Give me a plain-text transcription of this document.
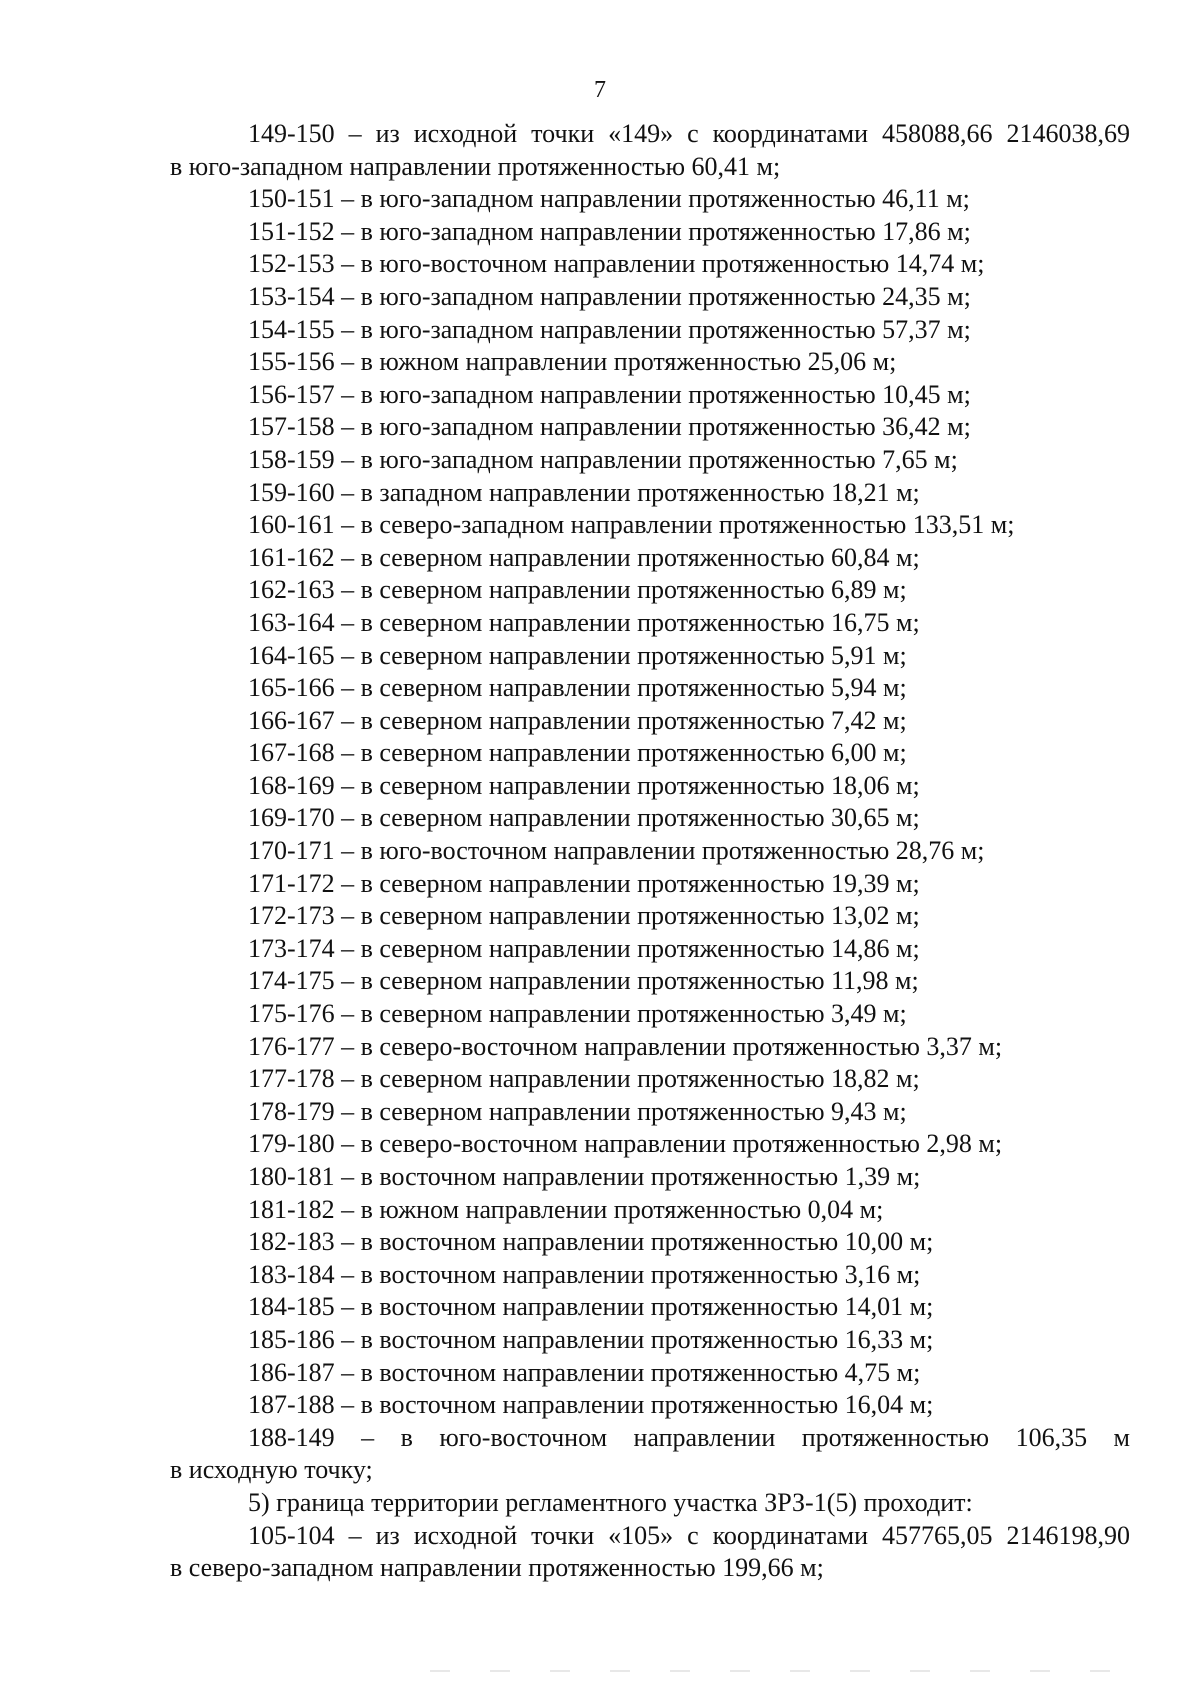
7
149-150 – из исходной точки «149» с координатами 458088,66 2146038,69
в юго-западном направлении протяженностью 60,41 м;
150-151 – в юго-западном направлении протяженностью 46,11 м;
151-152 – в юго-западном направлении протяженностью 17,86 м;
152-153 – в юго-восточном направлении протяженностью 14,74 м;
153-154 – в юго-западном направлении протяженностью 24,35 м;
154-155 – в юго-западном направлении протяженностью 57,37 м;
155-156 – в южном направлении протяженностью 25,06 м;
156-157 – в юго-западном направлении протяженностью 10,45 м;
157-158 – в юго-западном направлении протяженностью 36,42 м;
158-159 – в юго-западном направлении протяженностью 7,65 м;
159-160 – в западном направлении протяженностью 18,21 м;
160-161 – в северо-западном направлении протяженностью 133,51 м;
161-162 – в северном направлении протяженностью 60,84 м;
162-163 – в северном направлении протяженностью 6,89 м;
163-164 – в северном направлении протяженностью 16,75 м;
164-165 – в северном направлении протяженностью 5,91 м;
165-166 – в северном направлении протяженностью 5,94 м;
166-167 – в северном направлении протяженностью 7,42 м;
167-168 – в северном направлении протяженностью 6,00 м;
168-169 – в северном направлении протяженностью 18,06 м;
169-170 – в северном направлении протяженностью 30,65 м;
170-171 – в юго-восточном направлении протяженностью 28,76 м;
171-172 – в северном направлении протяженностью 19,39 м;
172-173 – в северном направлении протяженностью 13,02 м;
173-174 – в северном направлении протяженностью 14,86 м;
174-175 – в северном направлении протяженностью 11,98 м;
175-176 – в северном направлении протяженностью 3,49 м;
176-177 – в северо-восточном направлении протяженностью 3,37 м;
177-178 – в северном направлении протяженностью 18,82 м;
178-179 – в северном направлении протяженностью 9,43 м;
179-180 – в северо-восточном направлении протяженностью 2,98 м;
180-181 – в восточном направлении протяженностью 1,39 м;
181-182 – в южном направлении протяженностью 0,04 м;
182-183 – в восточном направлении протяженностью 10,00 м;
183-184 – в восточном направлении протяженностью 3,16 м;
184-185 – в восточном направлении протяженностью 14,01 м;
185-186 – в восточном направлении протяженностью 16,33 м;
186-187 – в восточном направлении протяженностью 4,75 м;
187-188 – в восточном направлении протяженностью 16,04 м;
188-149 – в юго-восточном направлении протяженностью 106,35 м
в исходную точку;
5) граница территории регламентного участка ЗРЗ-1(5) проходит:
105-104 – из исходной точки «105» с координатами 457765,05 2146198,90
в северо-западном направлении протяженностью 199,66 м;
